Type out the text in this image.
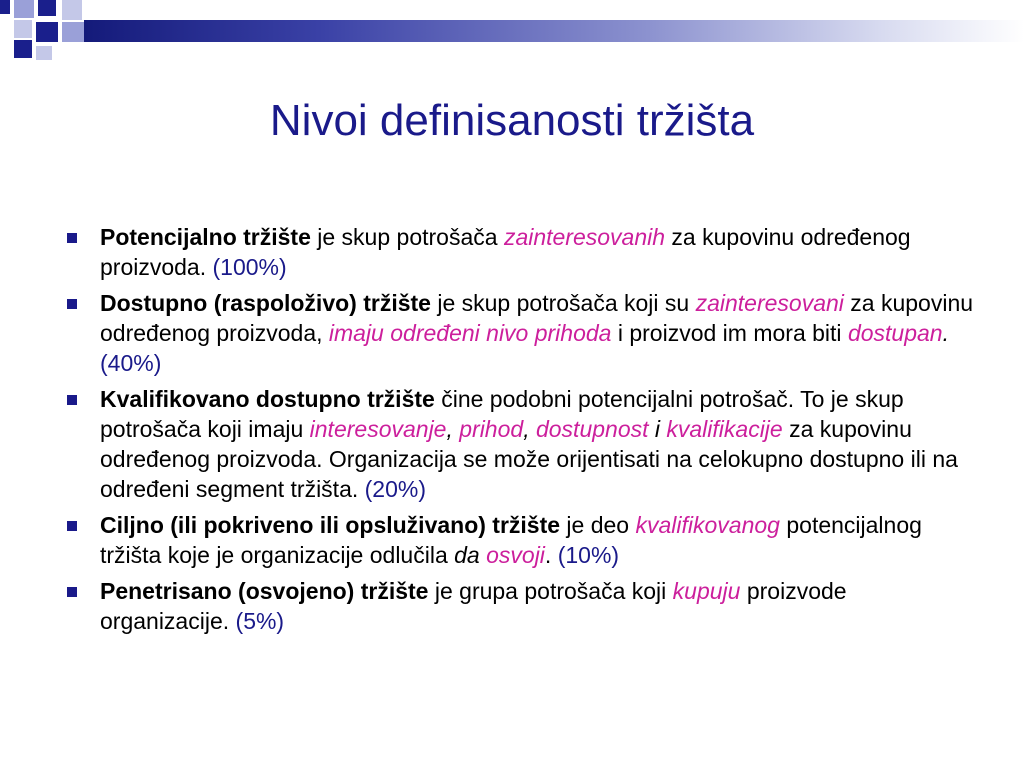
Nivoi definisanosti tržišta
Potencijalno tržište je skup potrošača zainteresovanih za kupovinu određenog proizvoda. (100%)
Dostupno (raspoloživo) tržište je skup potrošača koji su zainteresovani za kupovinu određenog proizvoda, imaju određeni nivo prihoda i proizvod im mora biti dostupan. (40%)
Kvalifikovano dostupno tržište čine podobni potencijalni potrošač. To je skup potrošača koji imaju interesovanje, prihod, dostupnost i kvalifikacije za kupovinu određenog proizvoda. Organizacija se može orijentisati na celokupno dostupno ili na određeni segment tržišta. (20%)
Ciljno (ili pokriveno ili opsluživano) tržište je deo kvalifikovanog potencijalnog tržišta koje je organizacije odlučila da osvoji. (10%)
Penetrisano (osvojeno) tržište je grupa potrošača koji kupuju proizvode organizacije. (5%)
